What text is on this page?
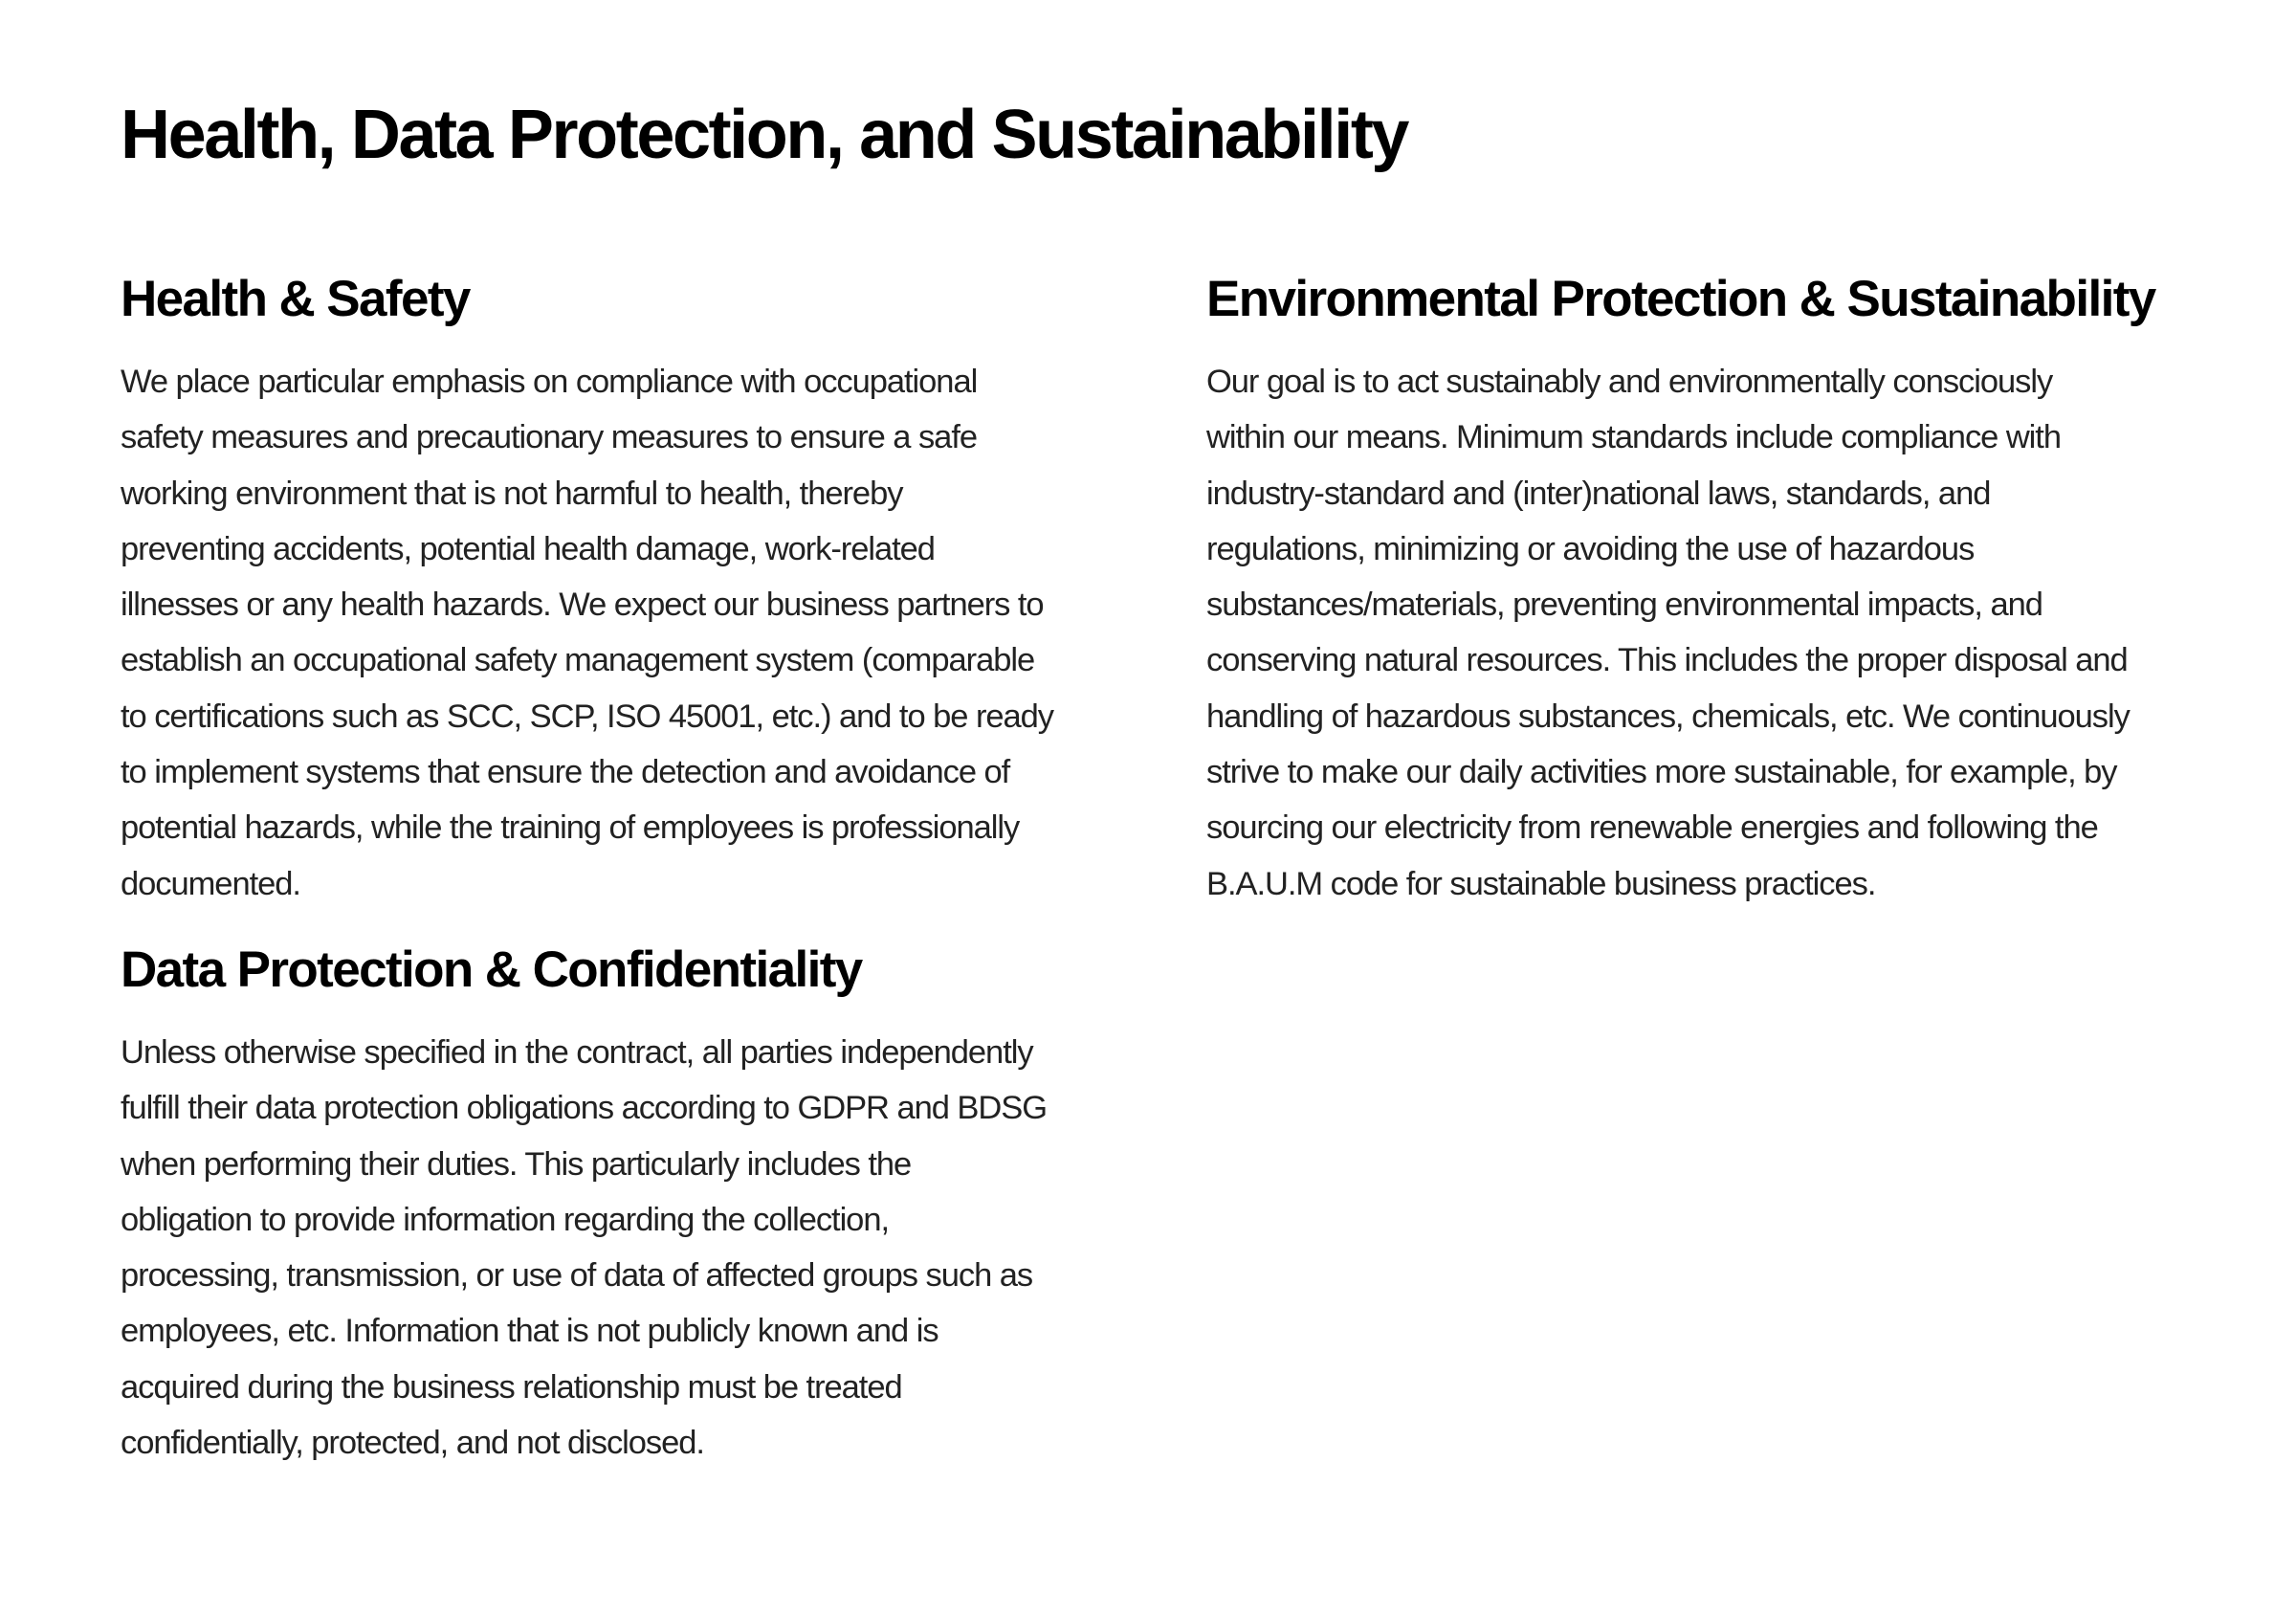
Health, Data Protection, and Sustainability
Health & Safety

We place particular emphasis on compliance with occupational
safety measures and precautionary measures to ensure a safe
working environment that is not harmful to health, thereby
preventing accidents, potential health damage, work-related
illnesses or any health hazards. We expect our business partners to
establish an occupational safety management system (comparable
to certifications such as SCC, SCP, ISO 45001, etc.) and to be ready
to implement systems that ensure the detection and avoidance of
potential hazards, while the training of employees is professionally
documented.

Data Protection & Confidentiality

Unless otherwise specified in the contract, all parties independently
fulfill their data protection obligations according to GDPR and BDSG
when performing their duties. This particularly includes the
obligation to provide information regarding the collection,
processing, transmission, or use of data of affected groups such as
employees, etc. Information that is not publicly known and is
acquired during the business relationship must be treated
confidentially, protected, and not disclosed.

Environmental Protection & Sustainability

Our goal is to act sustainably and environmentally consciously
within our means. Minimum standards include compliance with
industry-standard and (inter)national laws, standards, and
regulations, minimizing or avoiding the use of hazardous
substances/materials, preventing environmental impacts, and
conserving natural resources. This includes the proper disposal and
handling of hazardous substances, chemicals, etc. We continuously
strive to make our daily activities more sustainable, for example, by
sourcing our electricity from renewable energies and following the
B.A.U.M code for sustainable business practices.
